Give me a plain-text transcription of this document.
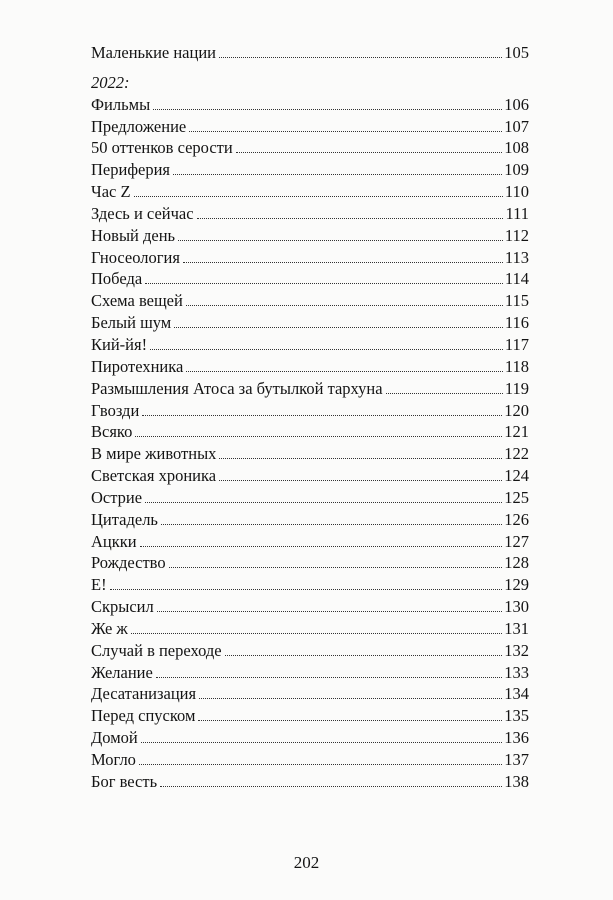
Маленькие нации	105
2022:
Фильмы	106
Предложение	107
50 оттенков серости	108
Периферия	109
Час Z	110
Здесь и сейчас	111
Новый день	112
Гносеология	113
Победа	114
Схема вещей	115
Белый шум	116
Кий-йя!	117
Пиротехника	118
Размышления Атоса за бутылкой тархуна	119
Гвозди	120
Всяко	121
В мире животных	122
Светская хроника	124
Острие	125
Цитадель	126
Ацкки	127
Рождество	128
Е!	129
Скрысил	130
Же ж	131
Случай в переходе	132
Желание	133
Десатанизация	134
Перед спуском	135
Домой	136
Могло	137
Бог весть	138
202
